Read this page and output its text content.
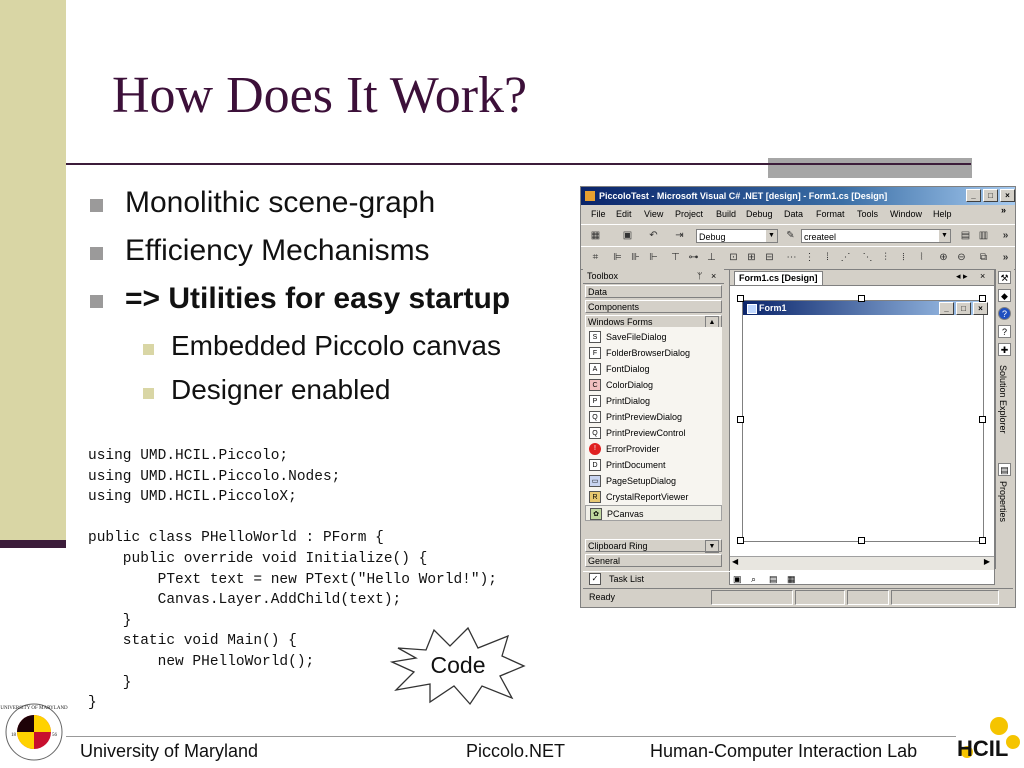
How Does It Work?
Monolithic scene-graph
Efficiency Mechanisms
=> Utilities for easy startup
Embedded Piccolo canvas
Designer enabled
using UMD.HCIL.Piccolo;
using UMD.HCIL.Piccolo.Nodes;
using UMD.HCIL.PiccoloX;

public class PHelloWorld : PForm {
public override void Initialize() {
PText text = new PText("Hello World!");
Canvas.Layer.AddChild(text);
}
static void Main() {
new PHelloWorld();
}
}
Code
PiccoloTest - Microsoft Visual C# .NET [design] - Form1.cs [Design]	_	□	×
File Edit View Project Build Debug Data Format Tools Window Help	»
▦ ▣ ↶ ⇥	Debug	▼ ✎	createel	▼ ▤ ▥	»
⌗	⊫ ⊪ ⊩ ⊤ ⊶ ⊥ ⊡ ⊞ ⊟ ⋯ ⋮	⁞	⋰ ⋱	⫶	⦙	⦚	⊕ ⊖ ⧉	»
Toolbox	ᛘ ×
Data
Components
Windows Forms	▲
S SaveFileDialog
F FolderBrowserDialog
A FontDialog
C ColorDialog
P PrintDialog
Q PrintPreviewDialog
Q PrintPreviewControl
!	ErrorProvider
D PrintDocument
▭ PageSetupDialog
R CrystalReportViewer
✿ PCanvas
Clipboard Ring	▼
General
Form1.cs [Design]	◂ ▸ ×
Form1	_	□	×
◀	▶
⚒
◆
?
?
✚
Solution Explorer
▤
Properties
✓ Task List	▣ ⌕ ▤ ▦
Ready
UNIVERSITY OF MARYLAND
18	56
University of Maryland	Piccolo.NET	Human-Computer Interaction Lab HCIL
